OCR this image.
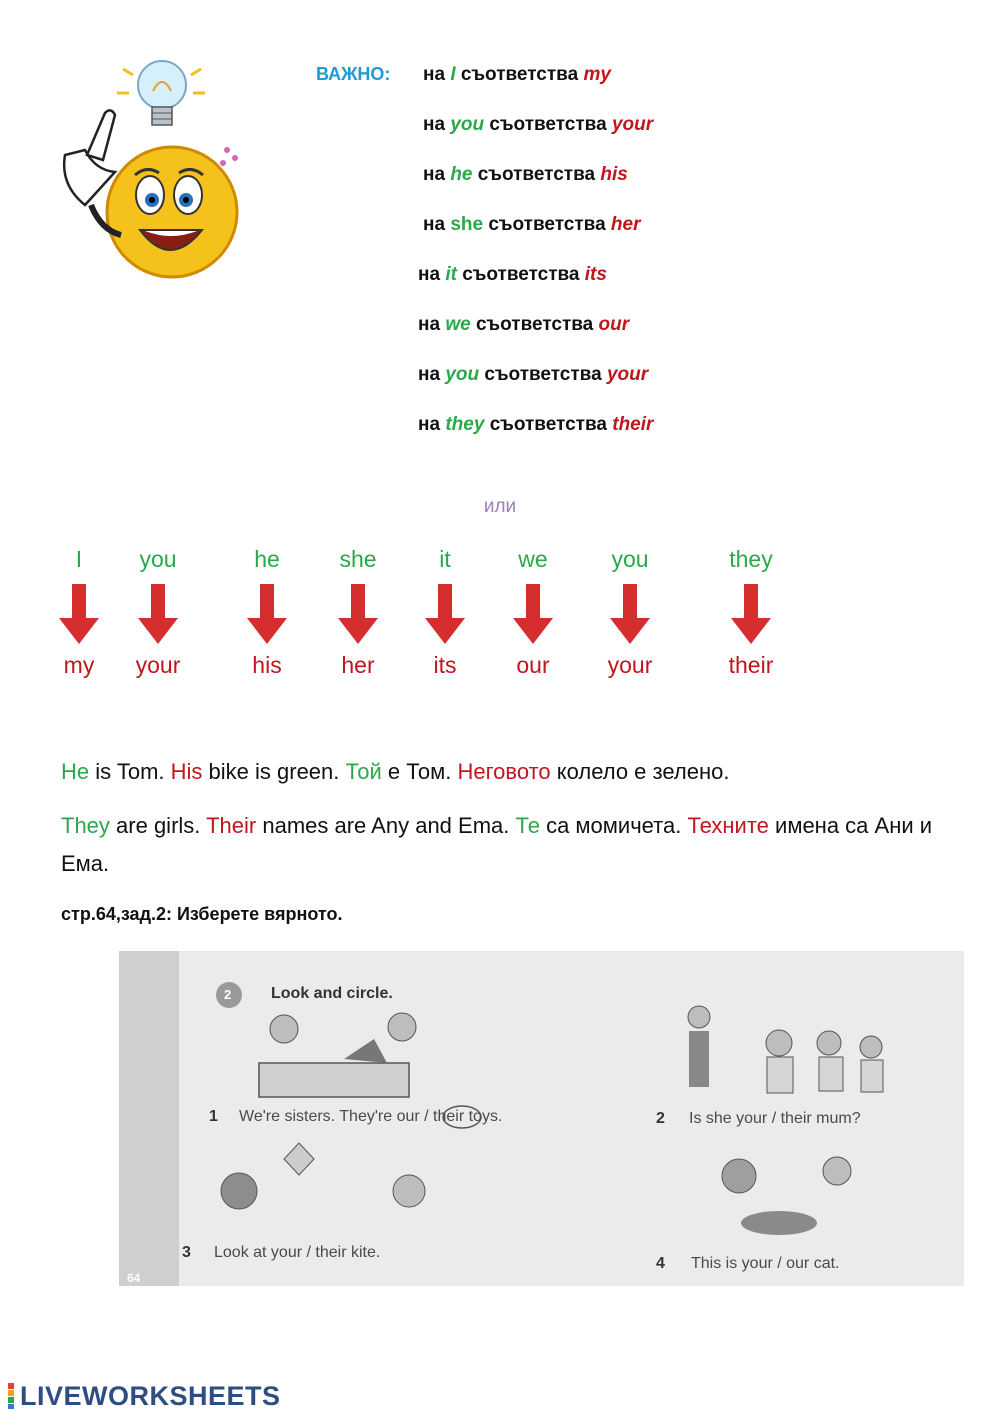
ВАЖНО: на I съответства my
на you съответства your
на he съответства his
на she съответства her
на it съответства its
на we съответства our
на you съответства your
на they съответства their
или
I
my
you
your
he
his
she
her
it
its
we
our
you
your
they
their
He is Tom. His bike is green. Той е Том. Неговото колело е зелено.
They are girls. Their names are Any and Ema. Те са момичета. Техните имена са Ани и Ема.
стр.64,зад.2: Изберете вярното.
2 Look and circle.
1 We're sisters. They're our / their toys.	2 Is she your / their mum?
3 Look at your / their kite.
4 This is your / our cat.
64
LIVEWORKSHEETS
